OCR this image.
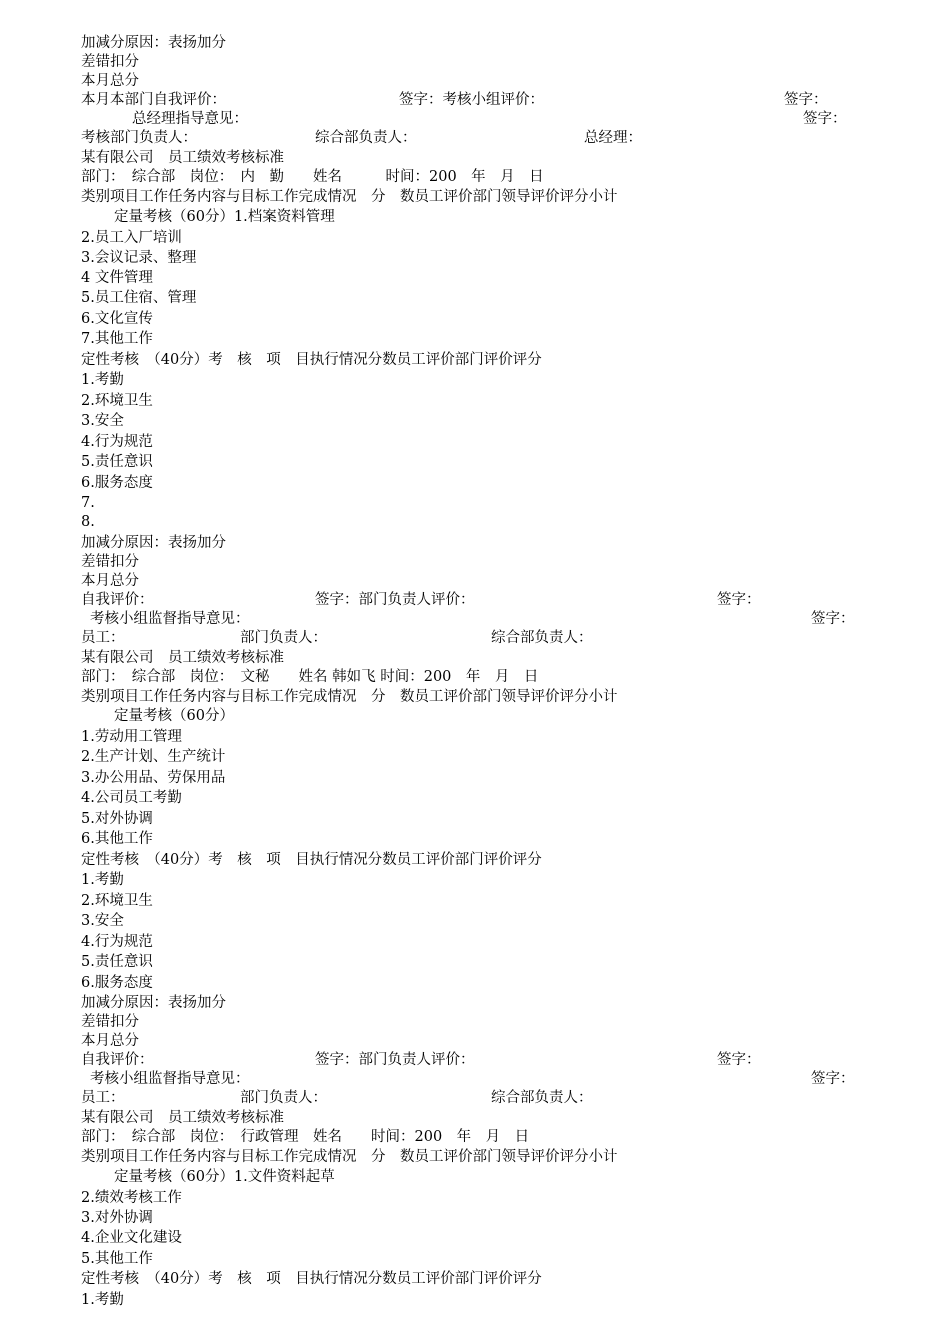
加减分原因：表扬加分
差错扣分
本月总分
本月本部门自我评价：	签字：考核小组评价：	签字：
总经理指导意见：	签字：
考核部门负责人：	综合部负责人：	总经理：
某有限公司　员工绩效考核标准
部门：　综合部　岗位：　内　勤　　姓名　　　时间：200　年　月　日
类别项目工作任务内容与目标工作完成情况　分　数员工评价部门领导评价评分小计
定量考核（60分）1.档案资料管理
2.员工入厂培训
3.会议记录、整理
4 文件管理
5.员工住宿、管理
6.文化宣传
7.其他工作
定性考核　（40分）考　核　项　目执行情况分数员工评价部门评价评分
1.考勤
2.环境卫生
3.安全
4.行为规范
5.责任意识
6.服务态度
7.
8.
加减分原因：表扬加分
差错扣分
本月总分
自我评价：	签字：部门负责人评价：	签字：
考核小组监督指导意见：	签字：
员工：	部门负责人：	综合部负责人：
某有限公司　员工绩效考核标准
部门：　综合部　岗位：　文秘　　姓名 韩如飞 时间：200　年　月　日
类别项目工作任务内容与目标工作完成情况　分　数员工评价部门领导评价评分小计
定量考核（60分）
1.劳动用工管理
2.生产计划、生产统计
3.办公用品、劳保用品
4.公司员工考勤
5.对外协调
6.其他工作
定性考核　（40分）考　核　项　目执行情况分数员工评价部门评价评分
1.考勤
2.环境卫生
3.安全
4.行为规范
5.责任意识
6.服务态度
加减分原因：表扬加分
差错扣分
本月总分
自我评价：	签字：部门负责人评价：	签字：
考核小组监督指导意见：	签字：
员工：	部门负责人：	综合部负责人：
某有限公司　员工绩效考核标准
部门：　综合部　岗位：　行政管理　姓名　　时间：200　年　月　日
类别项目工作任务内容与目标工作完成情况　分　数员工评价部门领导评价评分小计
定量考核（60分）1.文件资料起草
2.绩效考核工作
3.对外协调
4.企业文化建设
5.其他工作
定性考核　（40分）考　核　项　目执行情况分数员工评价部门评价评分
1.考勤
